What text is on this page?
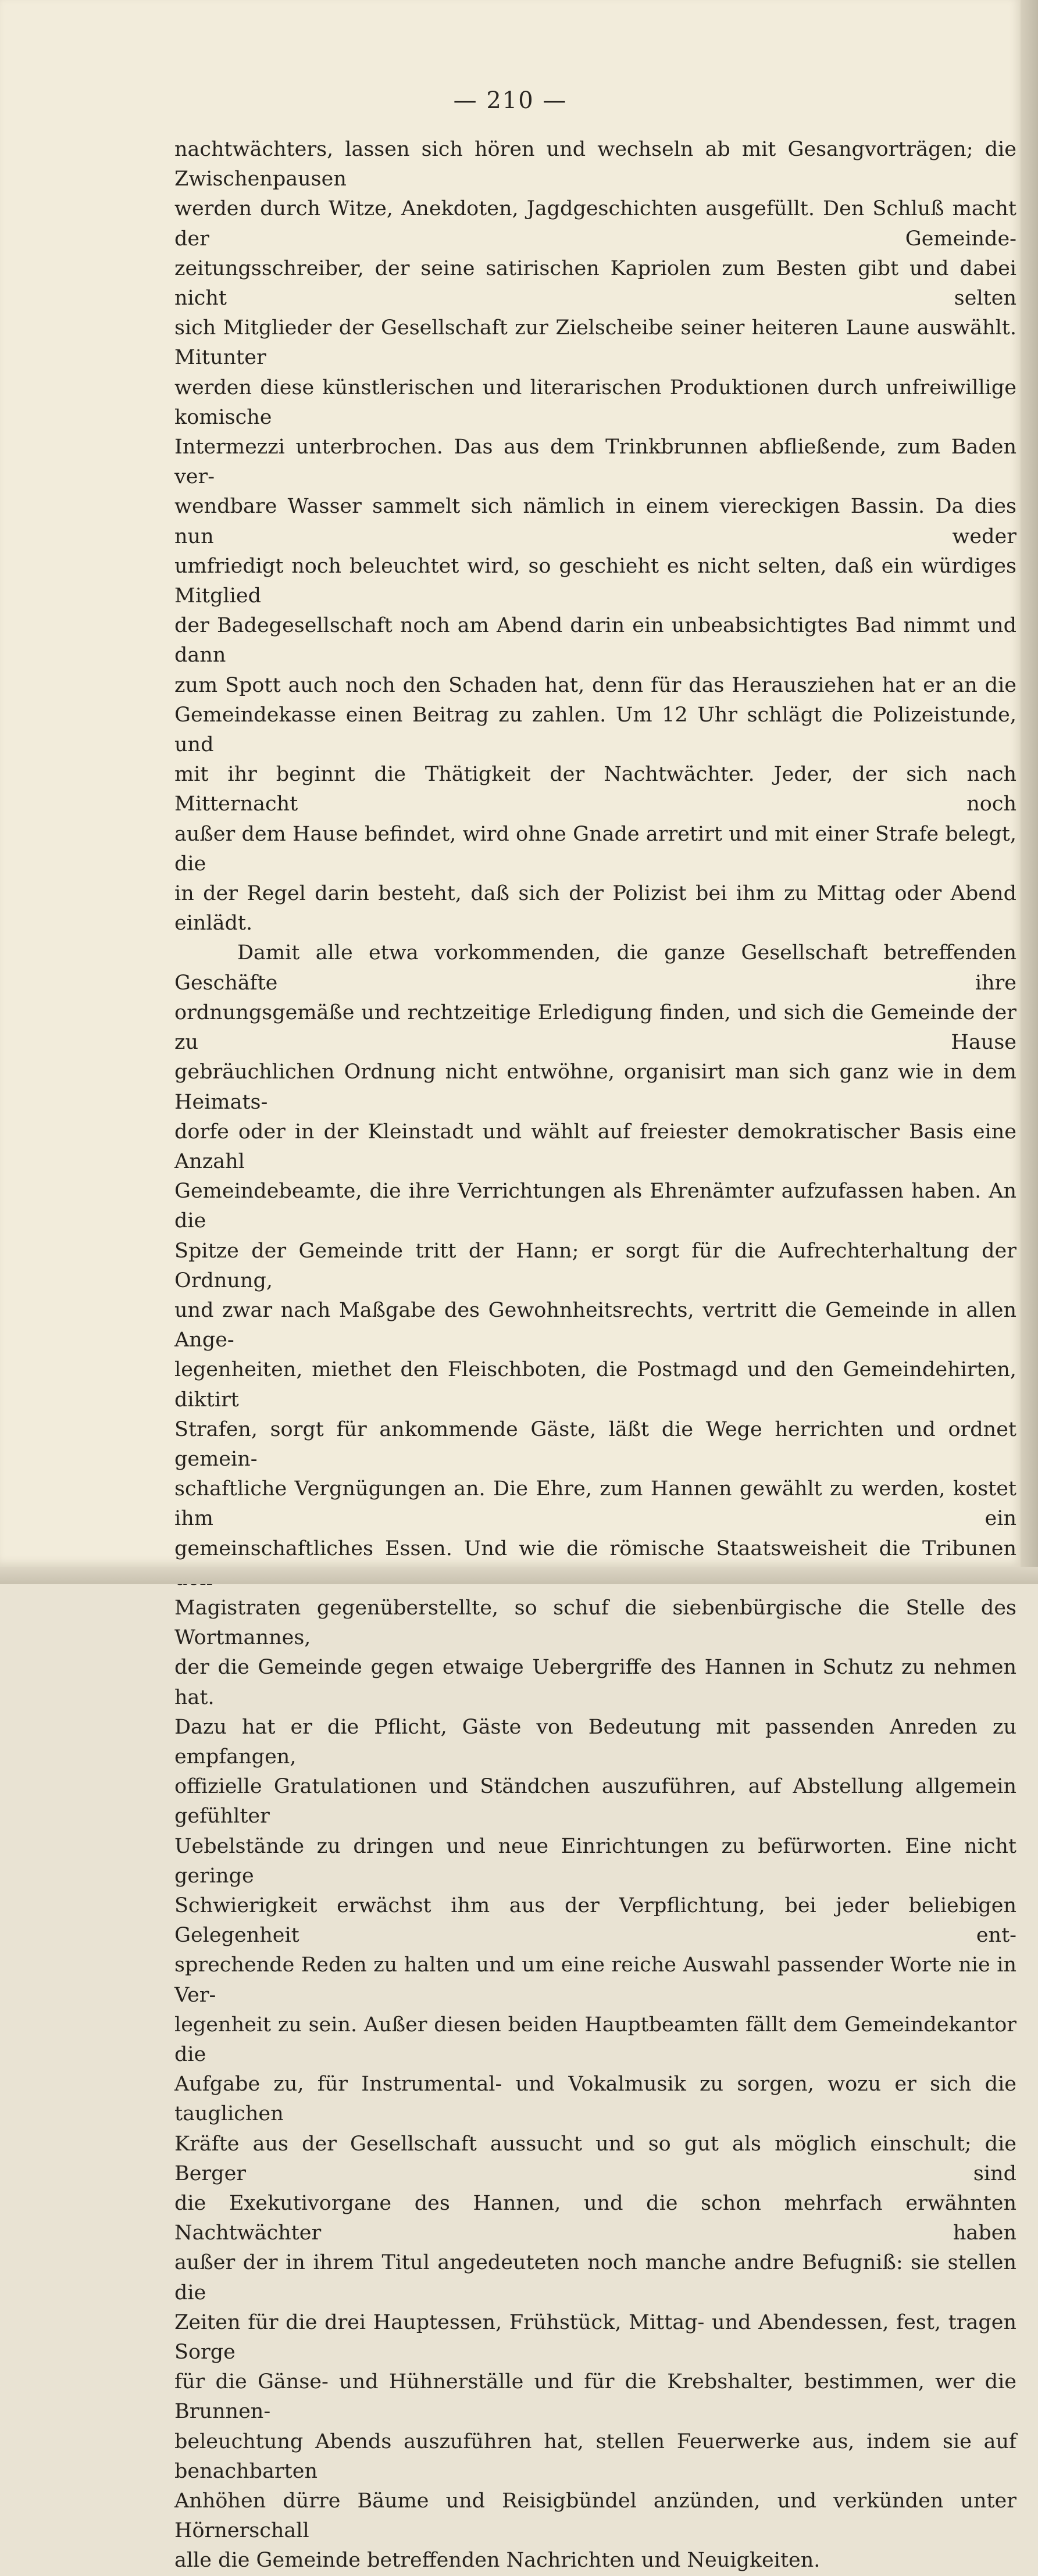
— 210 —

nachtwächters, lassen sich hören und wechseln ab mit Gesangvorträgen; die Zwischenpausen

werden durch Witze, Anekdoten, Jagdgeschichten ausgefüllt. Den Schluß macht der Gemeinde-

zeitungsschreiber, der seine satirischen Kapriolen zum Besten gibt und dabei nicht selten

sich Mitglieder der Gesellschaft zur Zielscheibe seiner heiteren Laune auswählt. Mitunter

werden diese künstlerischen und literarischen Produktionen durch unfreiwillige komische

Intermezzi unterbrochen. Das aus dem Trinkbrunnen abfließende, zum Baden ver-

wendbare Wasser sammelt sich nämlich in einem viereckigen Bassin. Da dies nun weder

umfriedigt noch beleuchtet wird, so geschieht es nicht selten, daß ein würdiges Mitglied

der Badegesellschaft noch am Abend darin ein unbeabsichtigtes Bad nimmt und dann

zum Spott auch noch den Schaden hat, denn für das Herausziehen hat er an die

Gemeindekasse einen Beitrag zu zahlen. Um 12 Uhr schlägt die Polizeistunde, und

mit ihr beginnt die Thätigkeit der Nachtwächter. Jeder, der sich nach Mitternacht noch

außer dem Hause befindet, wird ohne Gnade arretirt und mit einer Strafe belegt, die

in der Regel darin besteht, daß sich der Polizist bei ihm zu Mittag oder Abend einlädt.

Damit alle etwa vorkommenden, die ganze Gesellschaft betreffenden Geschäfte ihre

ordnungsgemäße und rechtzeitige Erledigung finden, und sich die Gemeinde der zu Hause

gebräuchlichen Ordnung nicht entwöhne, organisirt man sich ganz wie in dem Heimats-

dorfe oder in der Kleinstadt und wählt auf freiester demokratischer Basis eine Anzahl

Gemeindebeamte, die ihre Verrichtungen als Ehrenämter aufzufassen haben. An die

Spitze der Gemeinde tritt der Hann; er sorgt für die Aufrechterhaltung der Ordnung,

und zwar nach Maßgabe des Gewohnheitsrechts, vertritt die Gemeinde in allen Ange-

legenheiten, miethet den Fleischboten, die Postmagd und den Gemeindehirten, diktirt

Strafen, sorgt für ankommende Gäste, läßt die Wege herrichten und ordnet gemein-

schaftliche Vergnügungen an. Die Ehre, zum Hannen gewählt zu werden, kostet ihm ein

gemeinschaftliches Essen. Und wie die römische Staatsweisheit die Tribunen

Magistraten gegenüberstellte, so schuf die siebenbürgische die Stelle des Wortmannes,

der die Gemeinde gegen etwaige Uebergriffe des Hannen in Schutz zu nehmen hat.

Dazu hat er die Pflicht, Gäste von Bedeutung mit passenden Anreden zu empfangen,

offizielle Gratulationen und Ständchen auszuführen, auf Abstellung allgemein gefühlter

Uebelstände zu dringen und neue Einrichtungen zu befürworten. Eine nicht geringe

Schwierigkeit erwächst ihm aus der Verpflichtung, bei jeder beliebigen Gelegenheit ent-

sprechende Reden zu halten und um eine reiche Auswahl passender Worte nie in Ver-

legenheit zu sein. Außer diesen beiden Hauptbeamten fällt dem Gemeindekantor die

Aufgabe zu, für Instrumental- und Vokalmusik zu sorgen, wozu er sich die tauglichen

Kräfte aus der Gesellschaft aussucht und so gut als möglich einschult; die Berger sind

die Exekutivorgane des Hannen, und die schon mehrfach erwähnten Nachtwächter haben

außer der in ihrem Titul angedeuteten noch manche andre Befugniß: sie stellen die

Zeiten für die drei Hauptessen, Frühstück, Mittag- und Abendessen, fest, tragen Sorge

für die Gänse- und Hühnerställe und für die Krebshalter, bestimmen, wer die Brunnen-

beleuchtung Abends auszuführen hat, stellen Feuerwerke aus, indem sie auf benachbarten

Anhöhen dürre Bäume und Reisigbündel anzünden, und verkünden unter Hörnerschall

alle die Gemeinde betreffenden Nachrichten und Neuigkeiten.
